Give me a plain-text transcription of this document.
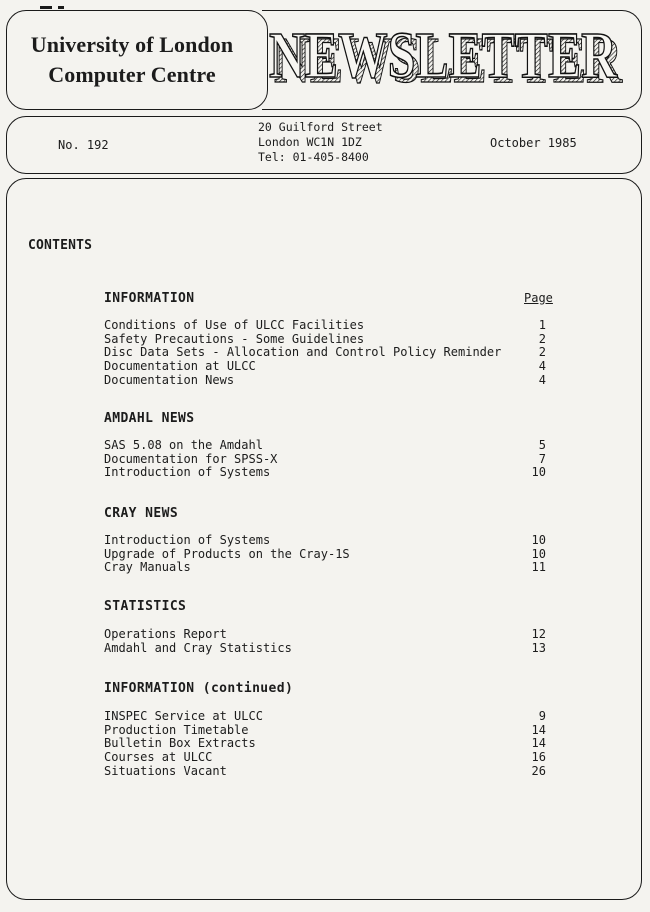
University of London
Computer Centre NEWSLETTER
NEWSLETTER
No. 192
20 Guilford Street
London WC1N 1DZ
Tel: 01-405-8400
October 1985
CONTENTS
Page
INFORMATION
Conditions of Use of ULCC Facilities	1
Safety Precautions - Some Guidelines	2
Disc Data Sets - Allocation and Control Policy Reminder	2
Documentation at ULCC	4
Documentation News	4
AMDAHL NEWS
SAS 5.08 on the Amdahl	5
Documentation for SPSS-X	7
Introduction of Systems	10
CRAY NEWS
Introduction of Systems	10
Upgrade of Products on the Cray-1S	10
Cray Manuals	11
STATISTICS
Operations Report	12
Amdahl and Cray Statistics	13
INFORMATION (continued)
INSPEC Service at ULCC	9
Production Timetable	14
Bulletin Box Extracts	14
Courses at ULCC	16
Situations Vacant	26
